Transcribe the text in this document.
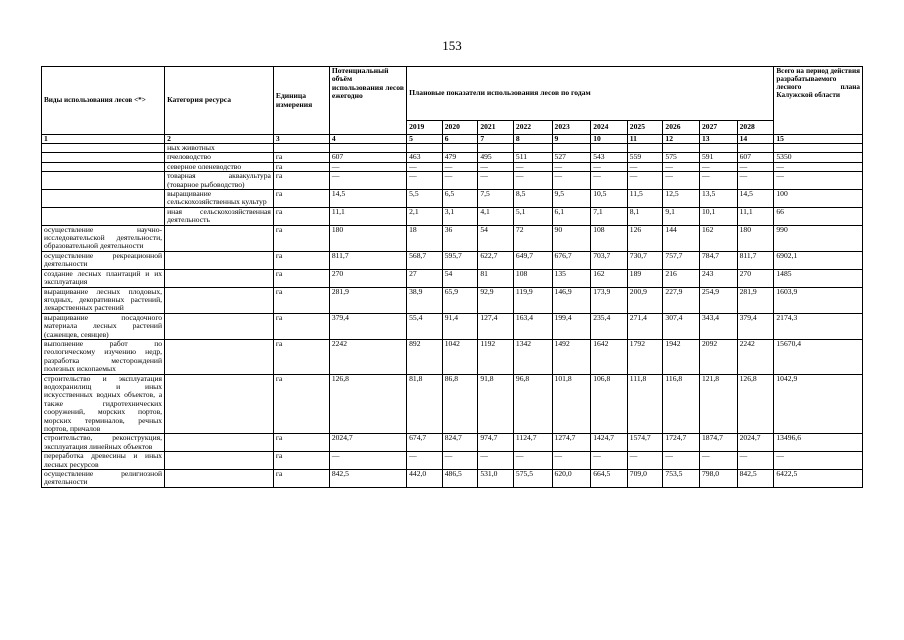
153
Виды использования лесов <*>	Категория ресурса	Единица измерения	Потенциальный объём использования лесов ежегодно	Плановые показатели использования лесов по годам										Всего на период действия разрабатываемого лесного плана Калужской области
				2019	2020	2021	2022	2023	2024	2025	2026	2027	2028	
1	2	3	4	5	6	7	8	9	10	11	12	13	14	15
	ных животных													
	пчеловодство	га	607	463	479	495	511	527	543	559	575	591	607	5350
	северное оленеводство	га	—	—	—	—	—	—	—	—	—	—	—	—
	товарная аквакультура (товарное рыбоводство)	га	—	—	—	—	—	—	—	—	—	—	—	—
	выращивание сельскохозяйственных культур	га	14,5	5,5	6,5	7,5	8,5	9,5	10,5	11,5	12,5	13,5	14,5	100
	иная сельскохозяйственная деятельность	га	11,1	2,1	3,1	4,1	5,1	6,1	7,1	8,1	9,1	10,1	11,1	66
осуществление научно-исследовательской деятельности, образовательной деятельности		га	180	18	36	54	72	90	108	126	144	162	180	990
осуществление рекреационной деятельности		га	811,7	568,7	595,7	622,7	649,7	676,7	703,7	730,7	757,7	784,7	811,7	6902,1
создание лесных плантаций и их эксплуатация		га	270	27	54	81	108	135	162	189	216	243	270	1485
выращивание лесных плодовых, ягодных, декоративных растений, лекарственных растений		га	281,9	38,9	65,9	92,9	119,9	146,9	173,9	200,9	227,9	254,9	281,9	1603,9
выращивание посадочного материала лесных растений (саженцев, сеянцев)		га	379,4	55,4	91,4	127,4	163,4	199,4	235,4	271,4	307,4	343,4	379,4	2174,3
выполнение работ по геологическому изучению недр, разработка месторождений полезных ископаемых		га	2242	892	1042	1192	1342	1492	1642	1792	1942	2092	2242	15670,4
строительство и эксплуатация водохранилищ и иных искусственных водных объектов, а также гидротехнических сооружений, морских портов, морских терминалов, речных портов, причалов		га	126,8	81,8	86,8	91,8	96,8	101,8	106,8	111,8	116,8	121,8	126,8	1042,9
строительство, реконструкция, эксплуатация линейных объектов		га	2024,7	674,7	824,7	974,7	1124,7	1274,7	1424,7	1574,7	1724,7	1874,7	2024,7	13496,6
переработка древесины и иных лесных ресурсов		га	—	—	—	—	—	—	—	—	—	—	—	—
осуществление религиозной деятельности		га	842,5	442,0	486,5	531,0	575,5	620,0	664,5	709,0	753,5	798,0	842,5	6422,5
